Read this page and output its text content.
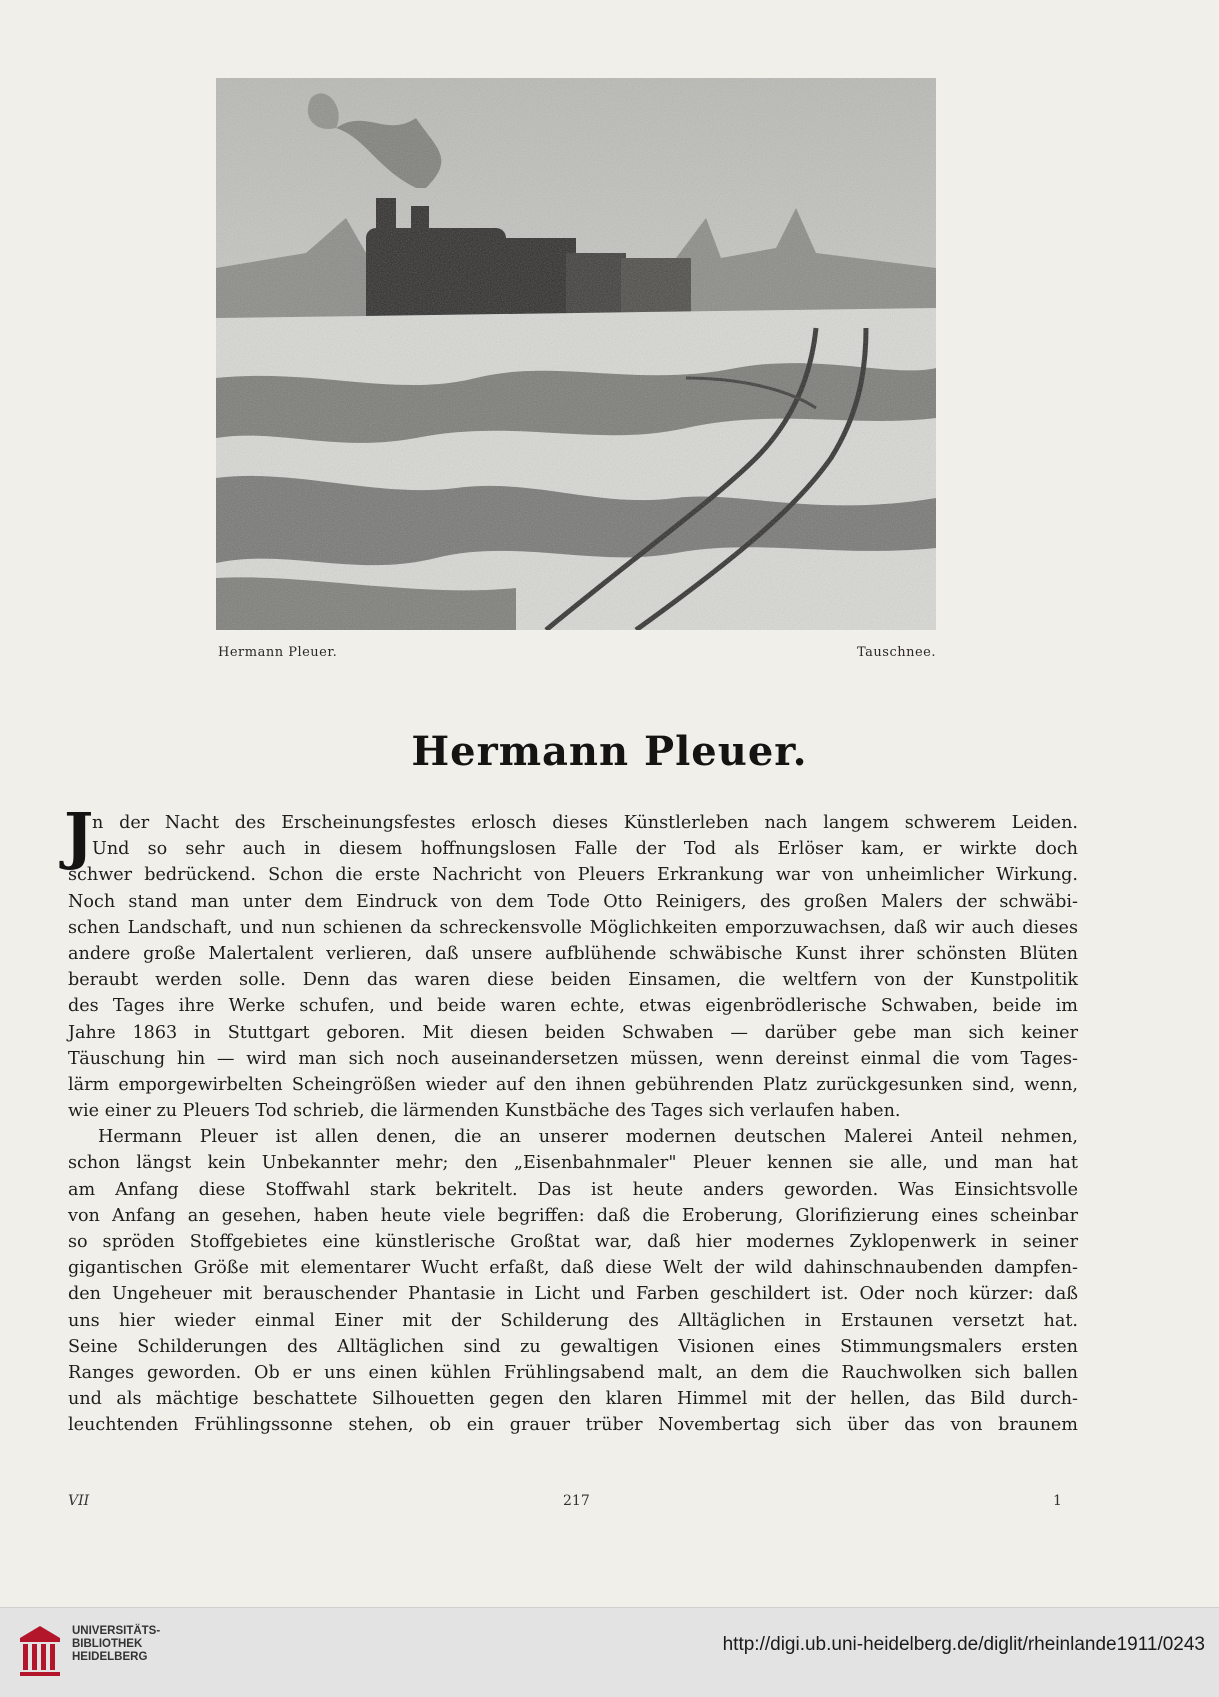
Hermann Pleuer.	Tauschnee.
Hermann Pleuer.
J
n der Nacht des Erscheinungsfestes erlosch dieses Künstlerleben nach langem schwerem Leiden.
Und so sehr auch in diesem hoffnungslosen Falle der Tod als Erlöser kam, er wirkte doch
schwer bedrückend. Schon die erste Nachricht von Pleuers Erkrankung war von unheimlicher Wirkung.
Noch stand man unter dem Eindruck von dem Tode Otto Reinigers, des großen Malers der schwäbi-
schen Landschaft, und nun schienen da schreckensvolle Möglichkeiten emporzuwachsen, daß wir auch dieses
andere große Malertalent verlieren, daß unsere aufblühende schwäbische Kunst ihrer schönsten Blüten
beraubt werden solle. Denn das waren diese beiden Einsamen, die weltfern von der Kunstpolitik
des Tages ihre Werke schufen, und beide waren echte, etwas eigenbrödlerische Schwaben, beide im
Jahre 1863 in Stuttgart geboren. Mit diesen beiden Schwaben — darüber gebe man sich keiner
Täuschung hin — wird man sich noch auseinandersetzen müssen, wenn dereinst einmal die vom Tages-
lärm emporgewirbelten Scheingrößen wieder auf den ihnen gebührenden Platz zurückgesunken sind, wenn,
wie einer zu Pleuers Tod schrieb, die lärmenden Kunstbäche des Tages sich verlaufen haben.
Hermann Pleuer ist allen denen, die an unserer modernen deutschen Malerei Anteil nehmen,
schon längst kein Unbekannter mehr; den „Eisenbahnmaler" Pleuer kennen sie alle, und man hat
am Anfang diese Stoffwahl stark bekritelt. Das ist heute anders geworden. Was Einsichtsvolle
von Anfang an gesehen, haben heute viele begriffen: daß die Eroberung, Glorifizierung eines scheinbar
so spröden Stoffgebietes eine künstlerische Großtat war, daß hier modernes Zyklopenwerk in seiner
gigantischen Größe mit elementarer Wucht erfaßt, daß diese Welt der wild dahinschnaubenden dampfen-
den Ungeheuer mit berauschender Phantasie in Licht und Farben geschildert ist. Oder noch kürzer: daß
uns hier wieder einmal Einer mit der Schilderung des Alltäglichen in Erstaunen versetzt hat.
Seine Schilderungen des Alltäglichen sind zu gewaltigen Visionen eines Stimmungsmalers ersten
Ranges geworden. Ob er uns einen kühlen Frühlingsabend malt, an dem die Rauchwolken sich ballen
und als mächtige beschattete Silhouetten gegen den klaren Himmel mit der hellen, das Bild durch-
leuchtenden Frühlingssonne stehen, ob ein grauer trüber Novembertag sich über das von braunem
VII	217	1
UNIVERSITÄTS-
BIBLIOTHEK
HEIDELBERG
http://digi.ub.uni-heidelberg.de/diglit/rheinlande1911/0243
